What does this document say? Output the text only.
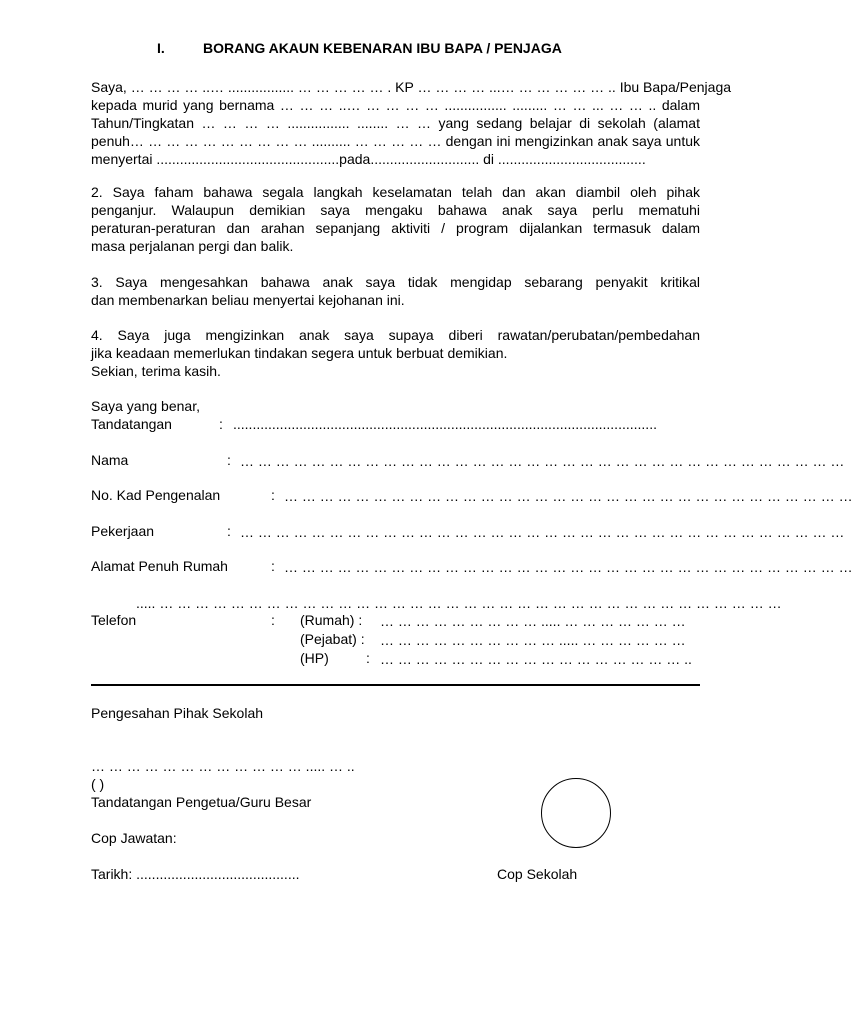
I.	BORANG AKAUN KEBENARAN IBU BAPA / PENJAGA
Saya, … … … … ..… ................. … … … … … . KP … … … … ...… … … … … … .. Ibu Bapa/Penjaga
kepada murid yang bernama … … … ..… … … … … ................ ......... … … ... … … .. dalam
Tahun/Tingkatan … … … … ................ ........ … … yang sedang belajar di sekolah (alamat
penuh… … … … … … … … … … .......... … … … … … dengan ini mengizinkan anak saya untuk
menyertai ...............................................pada............................ di ......................................
2. Saya faham bahawa segala langkah keselamatan telah dan akan diambil oleh pihak
penganjur. Walaupun demikian saya mengaku bahawa anak saya perlu mematuhi
peraturan-peraturan dan arahan sepanjang aktiviti / program dijalankan termasuk dalam
masa perjalanan pergi dan balik.
3. Saya mengesahkan bahawa anak saya tidak mengidap sebarang penyakit kritikal
dan membenarkan beliau menyertai kejohanan ini.
4. Saya juga mengizinkan anak saya supaya diberi rawatan/perubatan/pembedahan
jika keadaan memerlukan tindakan segera untuk berbuat demikian.
Sekian, terima kasih.
Saya yang benar,
Tandatangan	: .............................................................................................................
Nama	: … … … … … … … … … … … … … … … … … … … … … … … … … … … … … … … … … …
No. Kad Pengenalan	: … … … … … … … … … … … … … … … … … … … … … … … … … … … … … … … …
Pekerjaan	: … … … … … … … … … … … … … … … … … … … … … … … … … … … … … … … … … …
Alamat Penuh Rumah	: … … … … … … … … … … … … … … … … … … … … … … … … … … … … … … … …
..... … … … … … … … … … … … … … … … … … … … … … … … … … … … … … … … … … … …
Telefon	: (Rumah) : … … … … … … … … … ..... … … … … … … …
(Pejabat) : … … … … … … … … … … ..... … … … … … …
(HP)	: … … … … … … … … … … … … … … … … … ..
Pengesahan Pihak Sekolah
… … … … … … … … … … … … ..... … ..
( )
Tandatangan Pengetua/Guru Besar
Cop Jawatan:
Tarikh: ..........................................	Cop Sekolah
